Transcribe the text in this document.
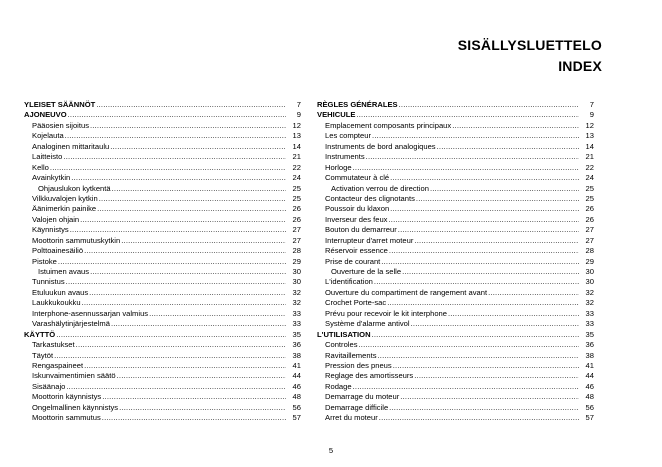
SISÄLLYSLUETTELO
INDEX
YLEISET SÄÄNNÖT .....	7
AJONEUVO .....	9
Pääosien sijoitus .....	12
Kojelauta .....	13
Analoginen mittaritaulu .....	14
Laitteisto .....	21
Kello .....	22
Avainkytkin .....	24
Ohjauslukon kytkentä .....	25
Vilkkuvalojen kytkin .....	25
Äänimerkin painike .....	26
Valojen ohjain .....	26
Käynnistys .....	27
Moottorin sammutuskytkin .....	27
Polttoainesäiliö .....	28
Pistoke .....	29
Istuimen avaus .....	30
Tunnistus .....	30
Etuluukun avaus .....	32
Laukkukoukku .....	32
Interphone-asennussarjan valmius .....	33
Varashälytinjärjestelmä .....	33
KÄYTTÖ .....	35
Tarkastukset .....	36
Täytöt .....	38
Rengaspaineet .....	41
Iskunvaimentimien säätö .....	44
Sisäänajo .....	46
Moottorin käynnistys .....	48
Ongelmallinen käynnistys .....	56
Moottorin sammutus .....	57
RÈGLES GÉNÉRALES .....	7
VEHICULE .....	9
Emplacement composants principaux .....	12
Les compteur .....	13
Instruments de bord analogiques .....	14
Instruments .....	21
Horloge .....	22
Commutateur à clé .....	24
Activation verrou de direction .....	25
Contacteur des clignotants .....	25
Poussoir du klaxon .....	26
Inverseur des feux .....	26
Bouton du demarreur .....	27
Interrupteur d'arret moteur .....	27
Réservoir essence .....	28
Prise de courant .....	29
Ouverture de la selle .....	30
L'identification .....	30
Ouverture du compartiment de rangement avant .....	32
Crochet Porte-sac .....	32
Prévu pour recevoir le kit interphone .....	33
Système d'alarme antivol .....	33
L'UTILISATION .....	35
Controles .....	36
Ravitaillements .....	38
Pression des pneus .....	41
Reglage des amortisseurs .....	44
Rodage .....	46
Demarrage du moteur .....	48
Demarrage difficile .....	56
Arret du moteur .....	57
5
